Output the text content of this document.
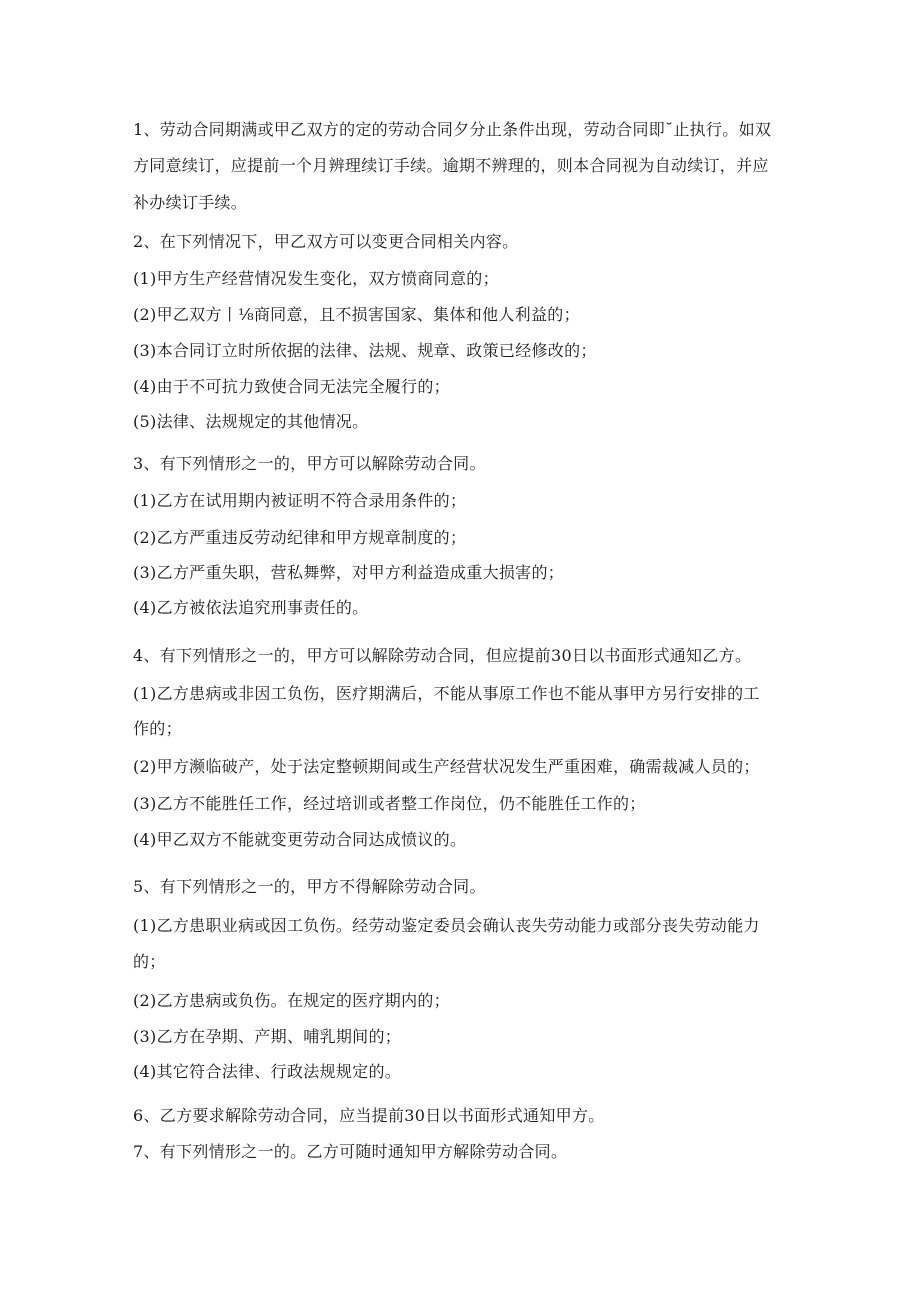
1、劳动合同期满或甲乙双方的定的劳动合同夕分止条件出现，劳动合同即˘止执行。如双
方同意续订，应提前一个月辨理续订手续。逾期不辨理的，则本合同视为自动续订，并应
补办续订手续。
2、在下列情况下，甲乙双方可以变更合同相关内容。
(1)甲方生产经营情况发生变化，双方愤商同意的；
(2)甲乙双方丨⅛商同意，且不损害国家、集体和他人利益的；
(3)本合同订立时所依据的法律、法规、规章、政策已经修改的；
(4)由于不可抗力致使合同无法完全履行的；
(5)法律、法规规定的其他情况。
3、有下列情形之一的，甲方可以解除劳动合同。
(1)乙方在试用期内被证明不符合录用条件的；
(2)乙方严重违反劳动纪律和甲方规章制度的；
(3)乙方严重失职，营私舞弊，对甲方利益造成重大损害的；
(4)乙方被依法追究刑事责任的。
4、有下列情形之一的，甲方可以解除劳动合同，但应提前30日以书面形式通知乙方。
(1)乙方患病或非因工负伤，医疗期满后，不能从事原工作也不能从事甲方另行安排的工
作的；
(2)甲方濒临破产，处于法定整顿期间或生产经营状况发生严重困难，确需裁减人员的；
(3)乙方不能胜任工作，经过培训或者整工作岗位，仍不能胜任工作的；
(4)甲乙双方不能就变更劳动合同达成愤议的。
5、有下列情形之一的，甲方不得解除劳动合同。
(1)乙方患职业病或因工负伤。经劳动鉴定委员会确认丧失劳动能力或部分丧失劳动能力
的；
(2)乙方患病或负伤。在规定的医疗期内的；
(3)乙方在孕期、产期、哺乳期间的；
(4)其它符合法律、行政法规规定的。
6、乙方要求解除劳动合同，应当提前30日以书面形式通知甲方。
7、有下列情形之一的。乙方可随时通知甲方解除劳动合同。
